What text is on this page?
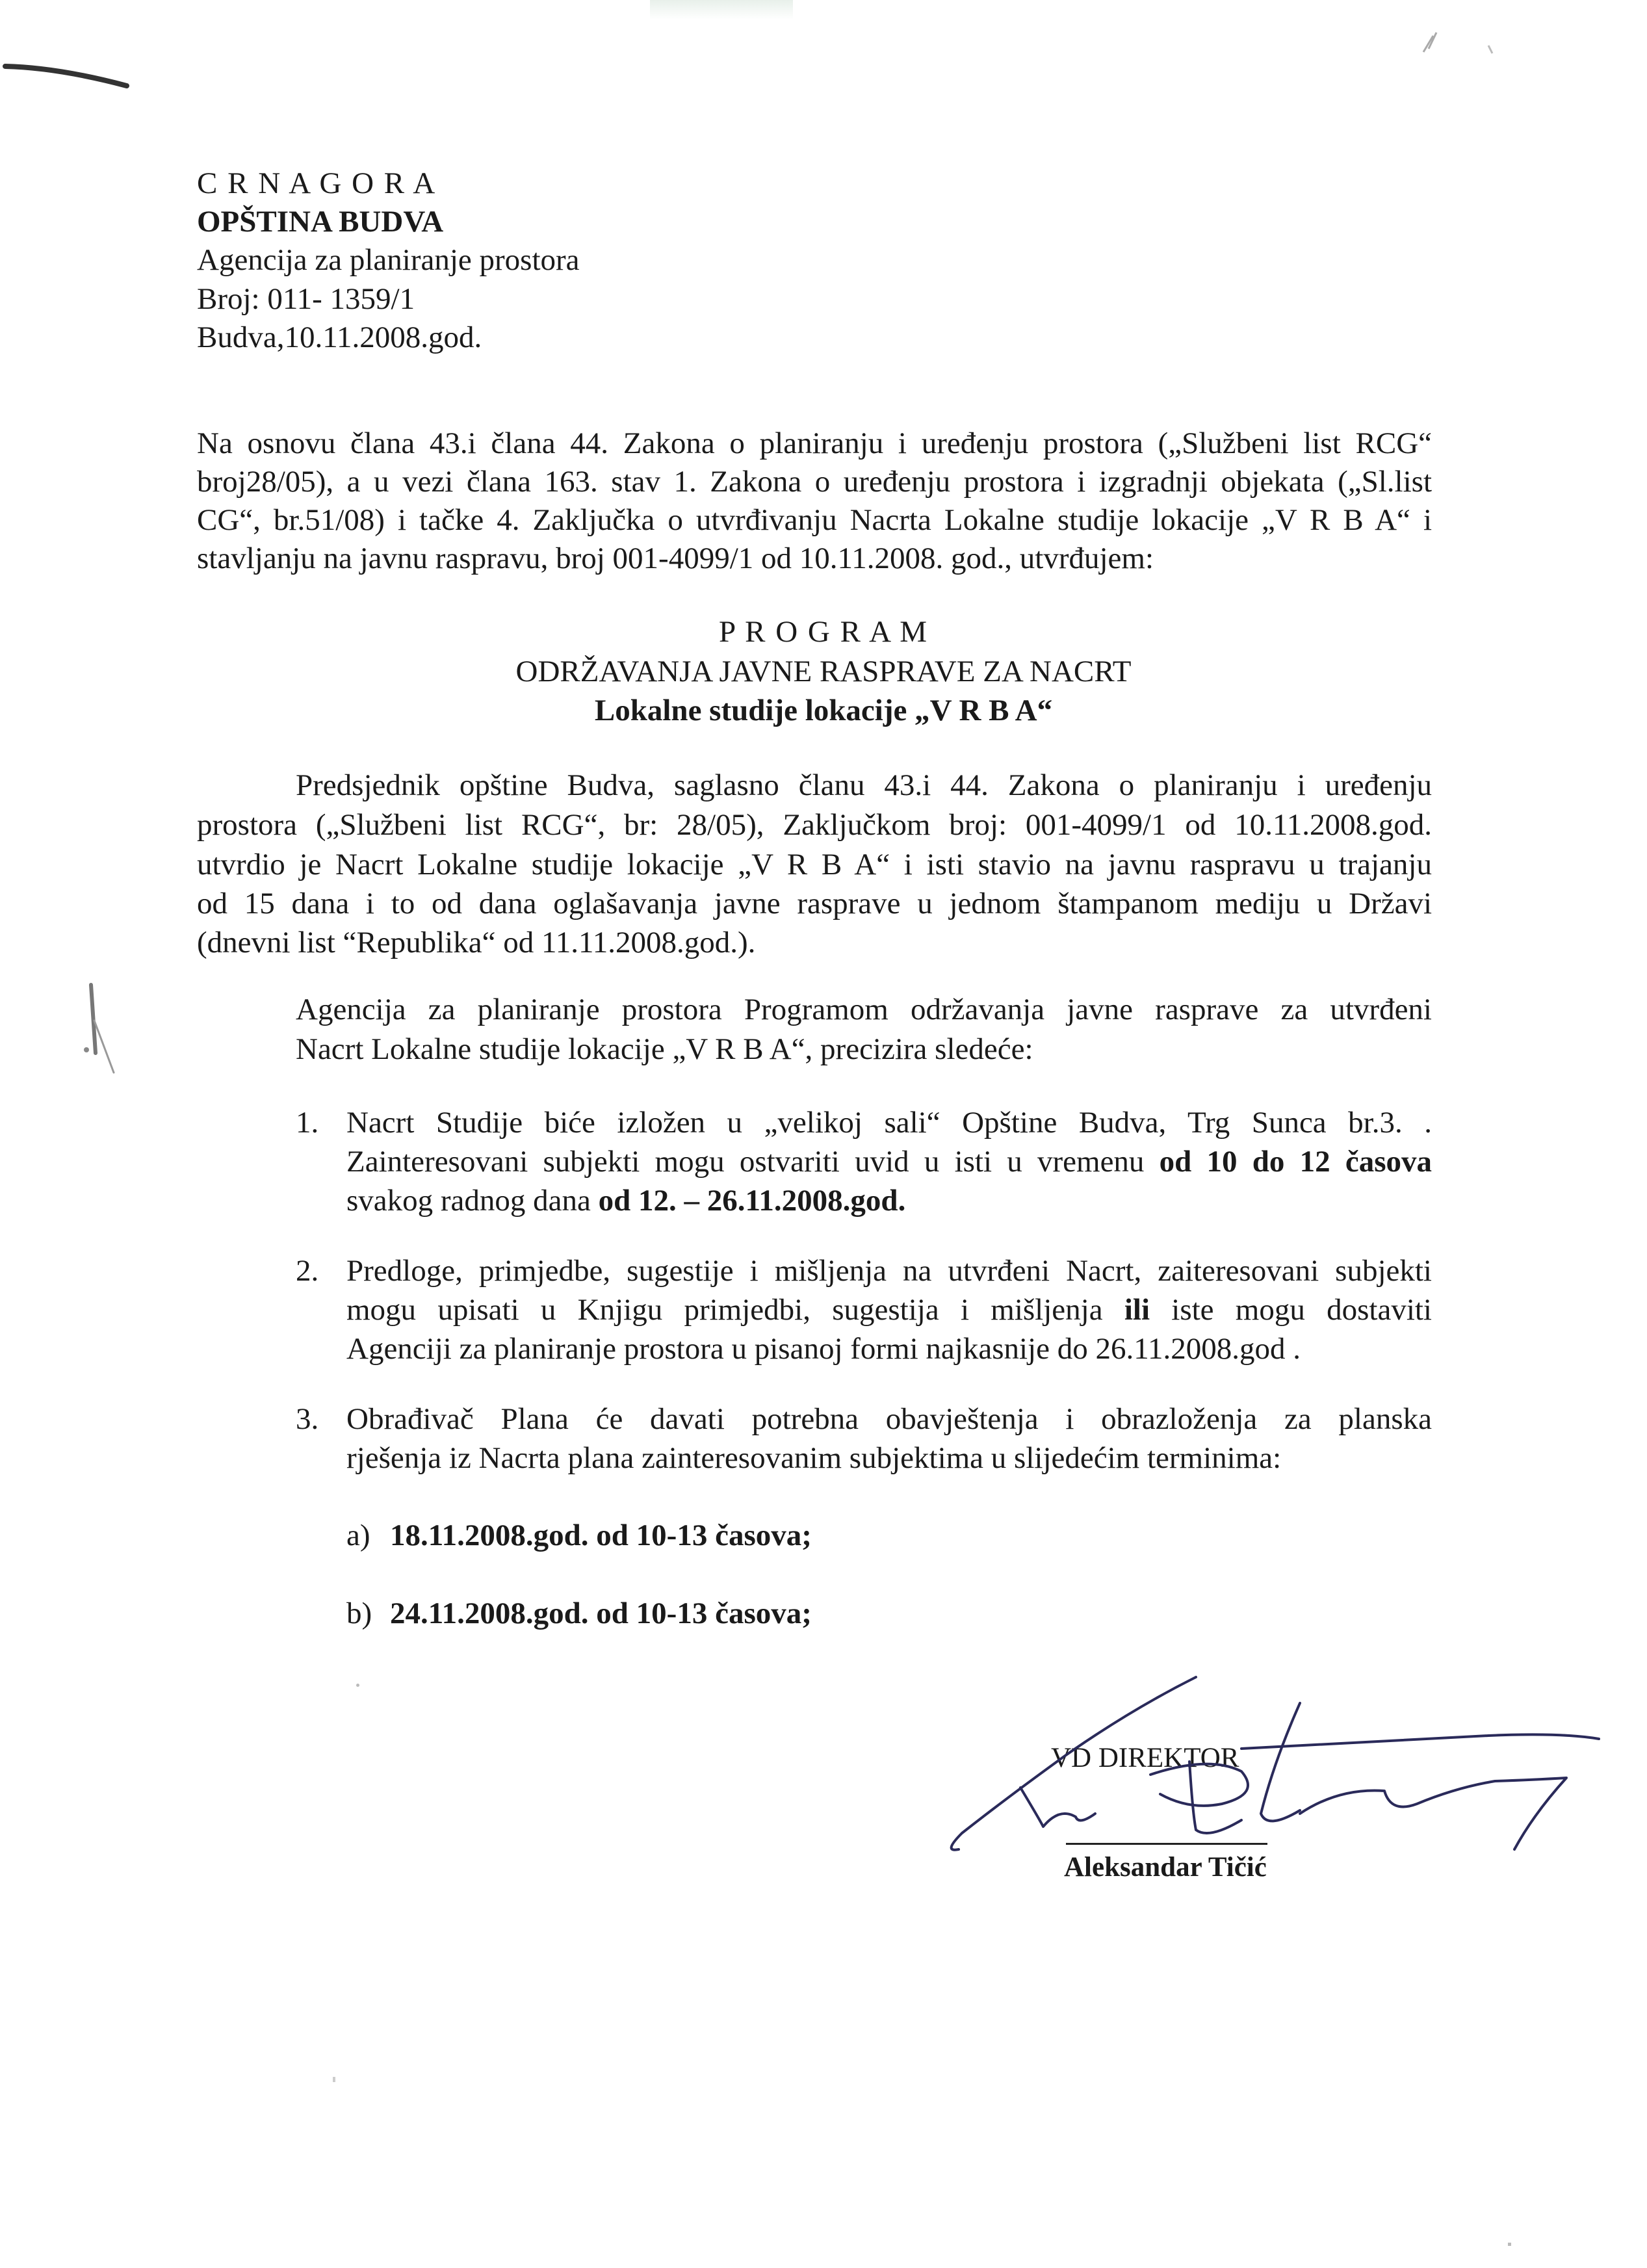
C R N A G O R A
OPŠTINA BUDVA
Agencija za planiranje prostora
Broj: 011- 1359/1
Budva,10.11.2008.god.
Na osnovu člana 43.i člana 44. Zakona o planiranju i uređenju prostora („Službeni list RCG“
broj28/05), a u vezi člana 163. stav 1. Zakona o uređenju prostora i izgradnji objekata („Sl.list
CG“, br.51/08) i tačke 4. Zaključka o utvrđivanju Nacrta Lokalne studije lokacije „V R B A“ i
stavljanju na javnu raspravu, broj 001-4099/1 od 10.11.2008. god., utvrđujem:
P R O G R A M
ODRŽAVANJA JAVNE RASPRAVE ZA NACRT
Lokalne studije lokacije „V R B A“
Predsjednik opštine Budva, saglasno članu 43.i 44. Zakona o planiranju i uređenju
prostora („Službeni list RCG“, br: 28/05), Zaključkom broj: 001-4099/1 od 10.11.2008.god.
utvrdio je Nacrt Lokalne studije lokacije „V R B A“ i isti stavio na javnu raspravu u trajanju
od 15 dana i to od dana oglašavanja javne rasprave u jednom štampanom mediju u Državi
(dnevni list “Republika“ od 11.11.2008.god.).
Agencija za planiranje prostora Programom održavanja javne rasprave za utvrđeni
Nacrt Lokalne studije lokacije „V R B A“, precizira sledeće:
1. Nacrt Studije biće izložen u „velikoj sali“ Opštine Budva, Trg Sunca br.3. .
Zainteresovani subjekti mogu ostvariti uvid u isti u vremenu od 10 do 12 časova
svakog radnog dana od 12. – 26.11.2008.god.
2. Predloge, primjedbe, sugestije i mišljenja na utvrđeni Nacrt, zaiteresovani subjekti
mogu upisati u Knjigu primjedbi, sugestija i mišljenja ili iste mogu dostaviti
Agenciji za planiranje prostora u pisanoj formi najkasnije do 26.11.2008.god .
3. Obrađivač Plana će davati potrebna obavještenja i obrazloženja za planska
rješenja iz Nacrta plana zainteresovanim subjektima u slijedećim terminima:
a) 18.11.2008.god. od 10-13 časova;
b) 24.11.2008.god. od 10-13 časova;
VD DIREKTOR
Aleksandar Tičić
